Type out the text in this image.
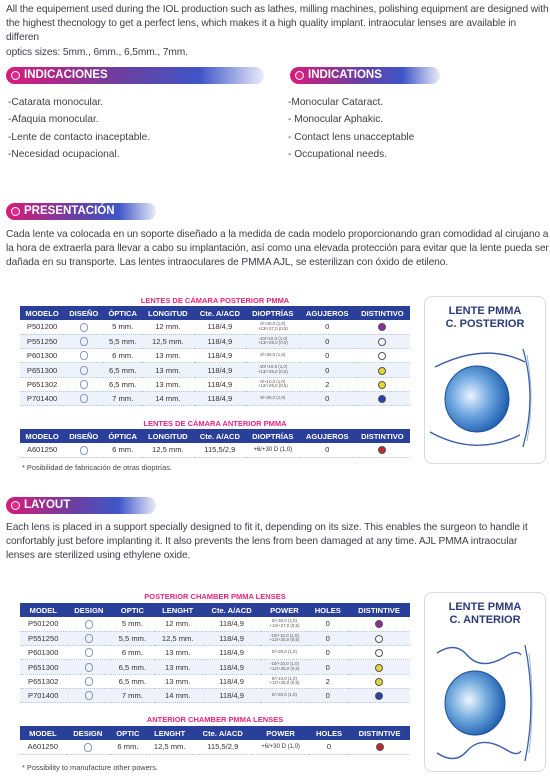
All the equipement used during the IOL production such as lathes, milling machines, polishing equipment are designed with
the highest thecnology to get a perfect lens, which makes it a high quality implant. intraocular lenses are available in differen
optics sizes: 5mm., 6mm., 6,5mm., 7mm.
INDICACIONES
-Catarata monocular.
-Afaquia monocular.
-Lente de contacto inaceptable.
-Necesidad ocupacional.
INDICATIONS
-Monocular Cataract.
- Monocular Aphakic.
- Contact lens unacceptable
- Occupational needs.
PRESENTACIÓN
Cada lente va colocada en un soporte diseñado a la medida de cada modelo proporcionando gran comodidad al cirujano a
la hora de extraerla para llevar a cabo su implantación, así como una elevada protección para evitar que la lente pueda ser
dañada en su transporte. Las lentes intraoculares de PMMA AJL, se esterilizan con óxido de etileno.
LENTES DE CÁMARA POSTERIOR PMMA
MODELO	DISEÑO	ÓPTICA	LONGITUD	Cte. A/ACD	DIOPTRÍAS	AGUJEROS	DISTINTIVO
P501200		5 mm.	12 mm.	118/4,9	0/+30,0 (1,0)
+13/+27,0 (0,5)	0	
P551250		5,5 mm.	12,5 mm.	118/4,9	-10/+10,0 (1,0)
+13/+25,0 (0,5)	0	
P601300		6 mm.	13 mm.	118/4,9	0/+30,0 (1,0)	0	
P651300		6,5 mm.	13 mm.	118/4,9	-10/+10,0 (1,0)
+13/+25,0 (0,5)	0	
P651302		6,5 mm.	13 mm.	118/4,9	0/+10,0 (1,0)
+12/+25,0 (0,5)	2	
P701400		7 mm.	14 mm.	118/4,9	0/+30,0 (1,0)	0	
LENTES DE CÁMARA ANTERIOR PMMA
MODELO	DISEÑO	ÓPTICA	LONGITUD	Cte. A/ACD	DIOPTRÍAS	AGUJEROS	DISTINTIVO
A601250		6 mm.	12,5 mm.	115,5/2,9	+6/+30 D (1,0)	0	
* Posibilidad de fabricación de otras dioptrías.
LENTE PMMA
C. POSTERIOR
LAYOUT
Each lens is placed in a support specially designed to fit it, depending on its size. This enables the surgeon to handle it
confortably just before implanting it. It also prevents the lens from been damaged at any time. AJL PMMA intraocular
lenses are sterilized using ethylene oxide.
POSTERIOR CHAMBER PMMA LENSES
MODEL	DESIGN	OPTIC	LENGHT	Cte. A/ACD	POWER	HOLES	DISTINTIVE
P501200		5 mm.	12 mm.	118/4,9	0/+30,0 (1,0)
+13/+27,0 (0,5)	0	
P551250		5,5 mm.	12,5 mm.	118/4,9	-10/+10,0 (1,0)
+12/+25,0 (0,5)	0	
P601300		6 mm.	13 mm.	118/4,9	0/+30,0 (1,0)	0	
P651300		6,5 mm.	13 mm.	118/4,9	-10/+10,0 (1,0)
+12/+25,0 (0,5)	0	
P651302		6,5 mm.	13 mm.	118/4,9	0/+10,0 (1,0)
+12/+25,0 (0,5)	2	
P701400		7 mm.	14 mm.	118/4,9	0/+30,0 (1,0)	0	
ANTERIOR CHAMBER PMMA LENSES
MODEL	DESIGN	OPTIC	LENGHT	Cte. A/ACD	POWER	HOLES	DISTINTIVE
A601250		6 mm.	12,5 mm.	115,5/2,9	+6/+30 D (1,0)	0	
* Possibility to manufacture other powers.
LENTE PMMA
C. ANTERIOR
